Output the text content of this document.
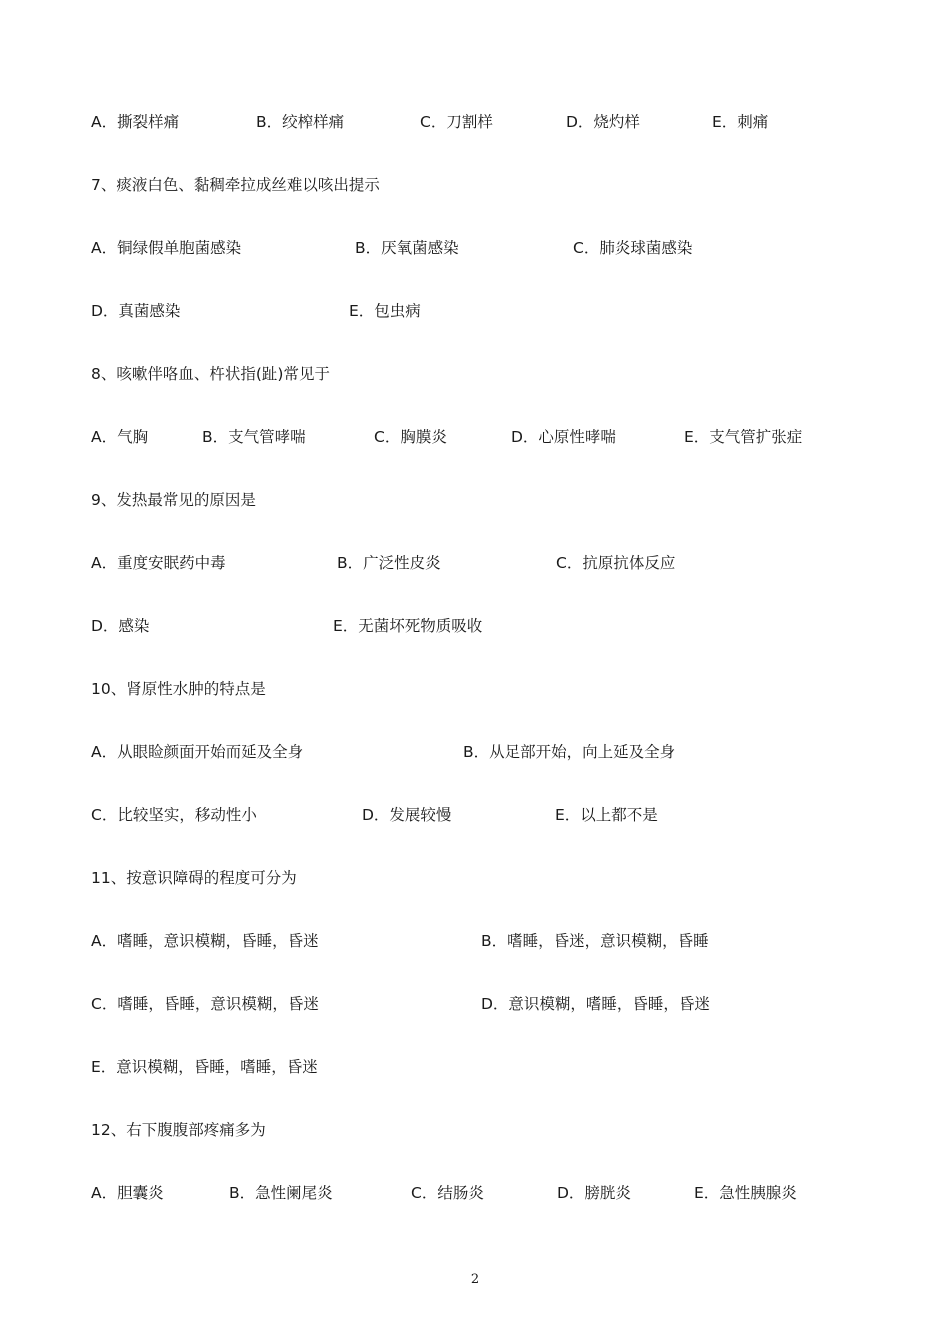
A．撕裂样痛	B．绞榨样痛	C．刀割样	D．烧灼样	E．刺痛
7、痰液白色、黏稠牵拉成丝难以咳出提示
A．铜绿假单胞菌感染	B．厌氧菌感染	C．肺炎球菌感染
D．真菌感染	E．包虫病
8、咳嗽伴咯血、杵状指(趾)常见于
A．气胸	B．支气管哮喘	C．胸膜炎	D．心原性哮喘	E．支气管扩张症
9、发热最常见的原因是
A．重度安眠药中毒	B．广泛性皮炎	C．抗原抗体反应
D．感染	E．无菌坏死物质吸收
10、肾原性水肿的特点是
A．从眼睑颜面开始而延及全身	B．从足部开始，向上延及全身
C．比较坚实，移动性小	D．发展较慢	E．以上都不是
11、按意识障碍的程度可分为
A．嗜睡，意识模糊，昏睡，昏迷	B．嗜睡，昏迷，意识模糊，昏睡
C．嗜睡，昏睡，意识模糊，昏迷	D．意识模糊，嗜睡，昏睡，昏迷
E．意识模糊，昏睡，嗜睡，昏迷
12、右下腹腹部疼痛多为
A．胆囊炎	B．急性阑尾炎	C．结肠炎	D．膀胱炎	E．急性胰腺炎
2
